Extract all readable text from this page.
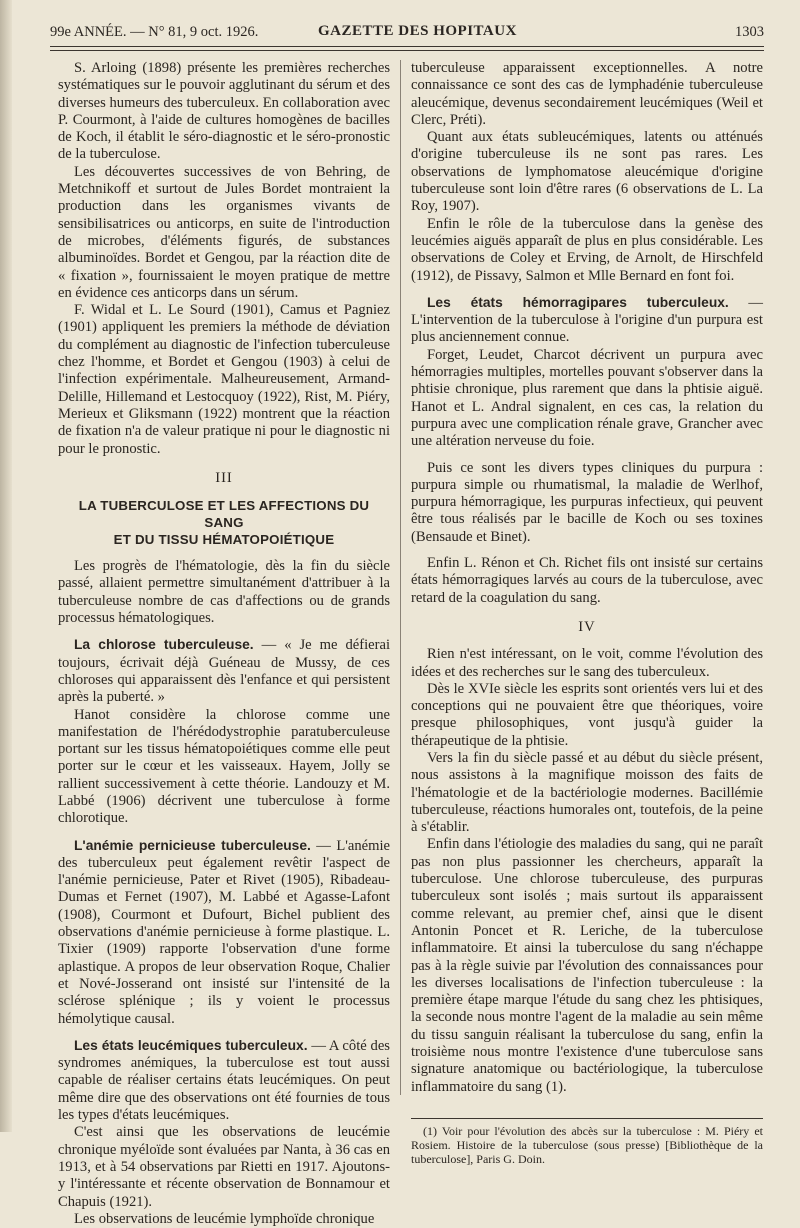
99e ANNÉE. — N° 81, 9 oct. 1926.	GAZETTE DES HOPITAUX	1303

S. Arloing (1898) présente les premières recherches systématiques sur le pouvoir agglutinant du sérum et des diverses humeurs des tuberculeux. En collaboration avec P. Courmont, à l'aide de cultures homogènes de bacilles de Koch, il établit le séro-diagnostic et le séro-pronostic de la tuberculose.

Les découvertes successives de von Behring, de Metchnikoff et surtout de Jules Bordet montraient la production dans les organismes vivants de sensibilisatrices ou anticorps, en suite de l'introduction de microbes, d'éléments figurés, de substances albuminoïdes. Bordet et Gengou, par la réaction dite de « fixation », fournissaient le moyen pratique de mettre en évidence ces anticorps dans un sérum.

F. Widal et L. Le Sourd (1901), Camus et Pagniez (1901) appliquent les premiers la méthode de déviation du complément au diagnostic de l'infection tuberculeuse chez l'homme, et Bordet et Gengou (1903) à celui de l'infection expérimentale. Malheureusement, Armand-Delille, Hillemand et Lestocquoy (1922), Rist, M. Piéry, Merieux et Gliksmann (1922) montrent que la réaction de fixation n'a de valeur pratique ni pour le diagnostic ni pour le pronostic.

III
LA TUBERCULOSE ET LES AFFECTIONS DU SANG
ET DU TISSU HÉMATOPOIÉTIQUE

Les progrès de l'hématologie, dès la fin du siècle passé, allaient permettre simultanément d'attribuer à la tuberculeuse nombre de cas d'affections ou de grands processus hématologiques.

La chlorose tuberculeuse. — « Je me défierai toujours, écrivait déjà Guéneau de Mussy, de ces chloroses qui apparaissent dès l'enfance et qui persistent après la puberté. »

Hanot considère la chlorose comme une manifestation de l'hérédodystrophie paratuberculeuse portant sur les tissus hématopoiétiques comme elle peut porter sur le cœur et les vaisseaux. Hayem, Jolly se rallient successivement à cette théorie. Landouzy et M. Labbé (1906) décrivent une tuberculose à forme chlorotique.

L'anémie pernicieuse tuberculeuse. — L'anémie des tuberculeux peut également revêtir l'aspect de l'anémie pernicieuse, Pater et Rivet (1905), Ribadeau-Dumas et Fernet (1907), M. Labbé et Agasse-Lafont (1908), Courmont et Dufourt, Bichel publient des observations d'anémie pernicieuse à forme plastique. L. Tixier (1909) rapporte l'observation d'une forme aplastique. A propos de leur observation Roque, Chalier et Nové-Josserand ont insisté sur l'intensité de la sclérose splénique ; ils y voient le processus hémolytique causal.

Les états leucémiques tuberculeux. — A côté des syndromes anémiques, la tuberculose est tout aussi capable de réaliser certains états leucémiques. On peut même dire que des observations ont été fournies de tous les types d'états leucémiques.

C'est ainsi que les observations de leucémie chronique myéloïde sont évaluées par Nanta, à 36 cas en 1913, et à 54 observations par Rietti en 1917. Ajoutons-y l'intéressante et récente observation de Bonnamour et Chapuis (1921).

Les observations de leucémie lymphoïde chronique

tuberculeuse apparaissent exceptionnelles. A notre connaissance ce sont des cas de lymphadénie tuberculeuse aleucémique, devenus secondairement leucémiques (Weil et Clerc, Préti).

Quant aux états subleucémiques, latents ou atténués d'origine tuberculeuse ils ne sont pas rares. Les observations de lymphomatose aleucémique d'origine tuberculeuse sont loin d'être rares (6 observations de L. La Roy, 1907).

Enfin le rôle de la tuberculose dans la genèse des leucémies aiguës apparaît de plus en plus considérable. Les observations de Coley et Erving, de Arnolt, de Hirschfeld (1912), de Pissavy, Salmon et Mlle Bernard en font foi.

Les états hémorragipares tuberculeux. — L'intervention de la tuberculose à l'origine d'un purpura est plus anciennement connue.

Forget, Leudet, Charcot décrivent un purpura avec hémorragies multiples, mortelles pouvant s'observer dans la phtisie chronique, plus rarement que dans la phtisie aiguë. Hanot et L. Andral signalent, en ces cas, la relation du purpura avec une complication rénale grave, Grancher avec une altération nerveuse du foie.

Puis ce sont les divers types cliniques du purpura : purpura simple ou rhumatismal, la maladie de Werlhof, purpura hémorragique, les purpuras infectieux, qui peuvent être tous réalisés par le bacille de Koch ou ses toxines (Bensaude et Binet).

Enfin L. Rénon et Ch. Richet fils ont insisté sur certains états hémorragiques larvés au cours de la tuberculose, avec retard de la coagulation du sang.

IV

Rien n'est intéressant, on le voit, comme l'évolution des idées et des recherches sur le sang des tuberculeux.

Dès le XVIe siècle les esprits sont orientés vers lui et des conceptions qui ne pouvaient être que théoriques, voire presque philosophiques, vont jusqu'à guider la thérapeutique de la phtisie.

Vers la fin du siècle passé et au début du siècle présent, nous assistons à la magnifique moisson des faits de l'hématologie et de la bactériologie modernes. Bacillémie tuberculeuse, réactions humorales ont, toutefois, de la peine à s'établir.

Enfin dans l'étiologie des maladies du sang, qui ne paraît pas non plus passionner les chercheurs, apparaît la tuberculose. Une chlorose tuberculeuse, des purpuras tuberculeux sont isolés ; mais surtout ils apparaissent comme relevant, au premier chef, ainsi que le disent Antonin Poncet et R. Leriche, de la tuberculose inflammatoire. Et ainsi la tuberculose du sang n'échappe pas à la règle suivie par l'évolution des connaissances pour les diverses localisations de l'infection tuberculeuse : la première étape marque l'étude du sang chez les phtisiques, la seconde nous montre l'agent de la maladie au sein même du tissu sanguin réalisant la tuberculose du sang, enfin la troisième nous montre l'existence d'une tuberculose sans signature anatomique ou bactériologique, la tuberculose inflammatoire du sang (1).

(1) Voir pour l'évolution des abcès sur la tuberculose : M. Piéry et Rosiem. Histoire de la tuberculose (sous presse) [Bibliothèque de la tuberculose], Paris G. Doin.
